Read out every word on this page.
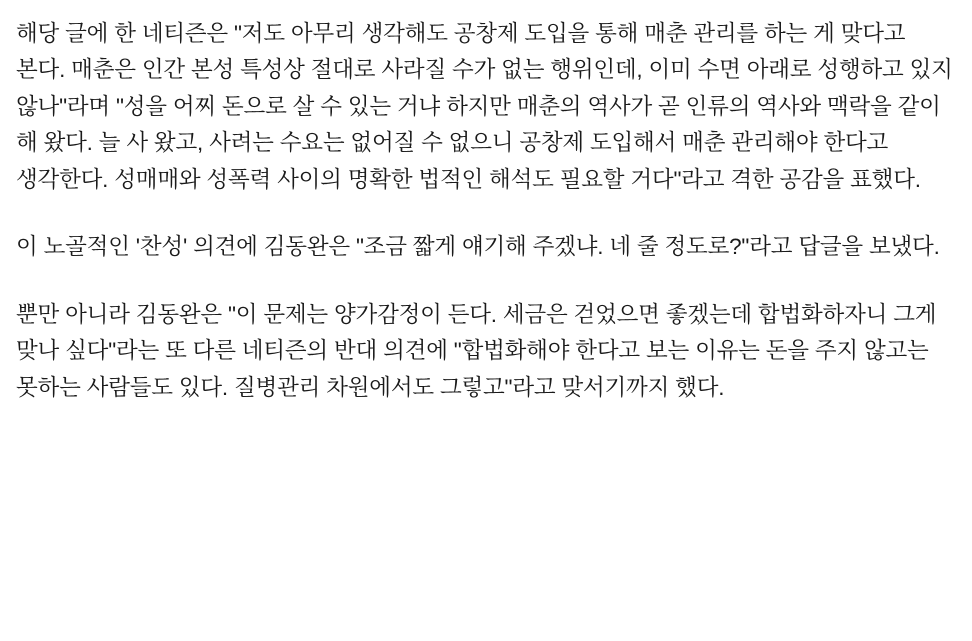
해당 글에 한 네티즌은 "저도 아무리 생각해도 공창제 도입을 통해 매춘 관리를 하는 게 맞다고 본다. 매춘은 인간 본성 특성상 절대로 사라질 수가 없는 행위인데, 이미 수면 아래로 성행하고 있지 않나"라며 "성을 어찌 돈으로 살 수 있는 거냐 하지만 매춘의 역사가 곧 인류의 역사와 맥락을 같이 해 왔다. 늘 사 왔고, 사려는 수요는 없어질 수 없으니 공창제 도입해서 매춘 관리해야 한다고 생각한다. 성매매와 성폭력 사이의 명확한 법적인 해석도 필요할 거다"라고 격한 공감을 표했다.

이 노골적인 '찬성' 의견에 김동완은 "조금 짧게 얘기해 주겠냐. 네 줄 정도로?"라고 답글을 보냈다.

뿐만 아니라 김동완은 "이 문제는 양가감정이 든다. 세금은 걷었으면 좋겠는데 합법화하자니 그게 맞나 싶다"라는 또 다른 네티즌의 반대 의견에 "합법화해야 한다고 보는 이유는 돈을 주지 않고는 못하는 사람들도 있다. 질병관리 차원에서도 그렇고"라고 맞서기까지 했다.
